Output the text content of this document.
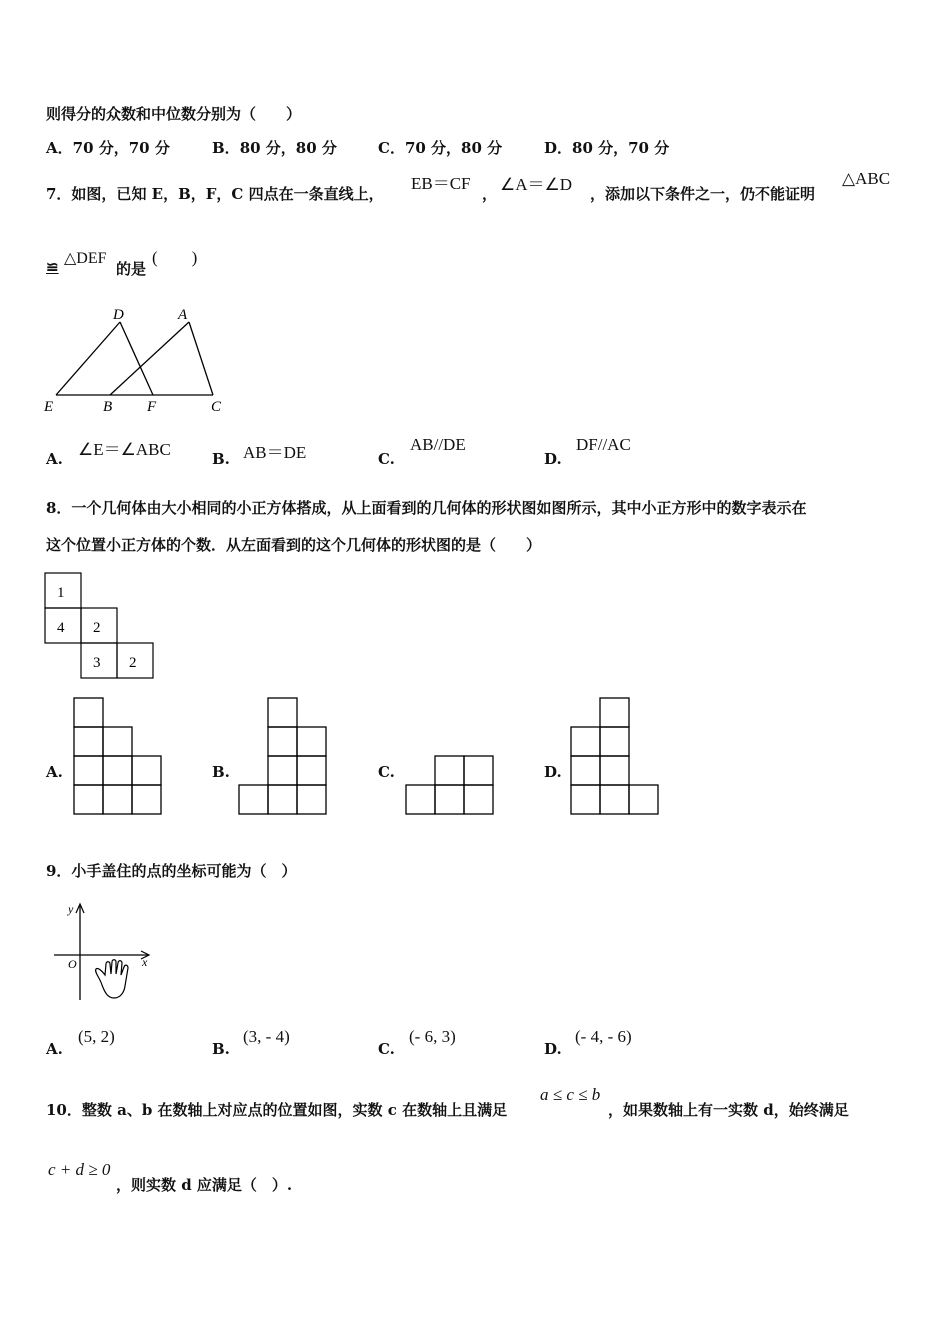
则得分的众数和中位数分别为（　　）
A．70 分，70 分	B．80 分，80 分	C．70 分，80 分	D．80 分，70 分
7．如图，已知 E，B，F，C 四点在一条直线上，
EB＝CF
， ∠A＝∠D ，添加以下条件之一，仍不能证明
△ABC
≌ △DEF
的是
(　　)
D	A
E	B F	C
A. ∠E＝∠ABC	B. AB＝DE	C.
AB//DE
D.
DF//AC
8．一个几何体由大小相同的小正方体搭成，从上面看到的几何体的形状图如图所示，其中小正方形中的数字表示在
这个位置小正方体的个数．从左面看到的这个几何体的形状图的是（　　）
1
4 2
3 2
A.	B.	C.	D.
9．小手盖住的点的坐标可能为（　）
y
x
O
A.
(5, 2)
B.
(3, - 4)
C.
(- 6, 3)
D.
(- 4, - 6)
10．整数 a、b 在数轴上对应点的位置如图，实数 c 在数轴上且满足
a ≤ c ≤ b
，如果数轴上有一实数 d，始终满足
c + d ≥ 0
，则实数 d 应满足（　）.
